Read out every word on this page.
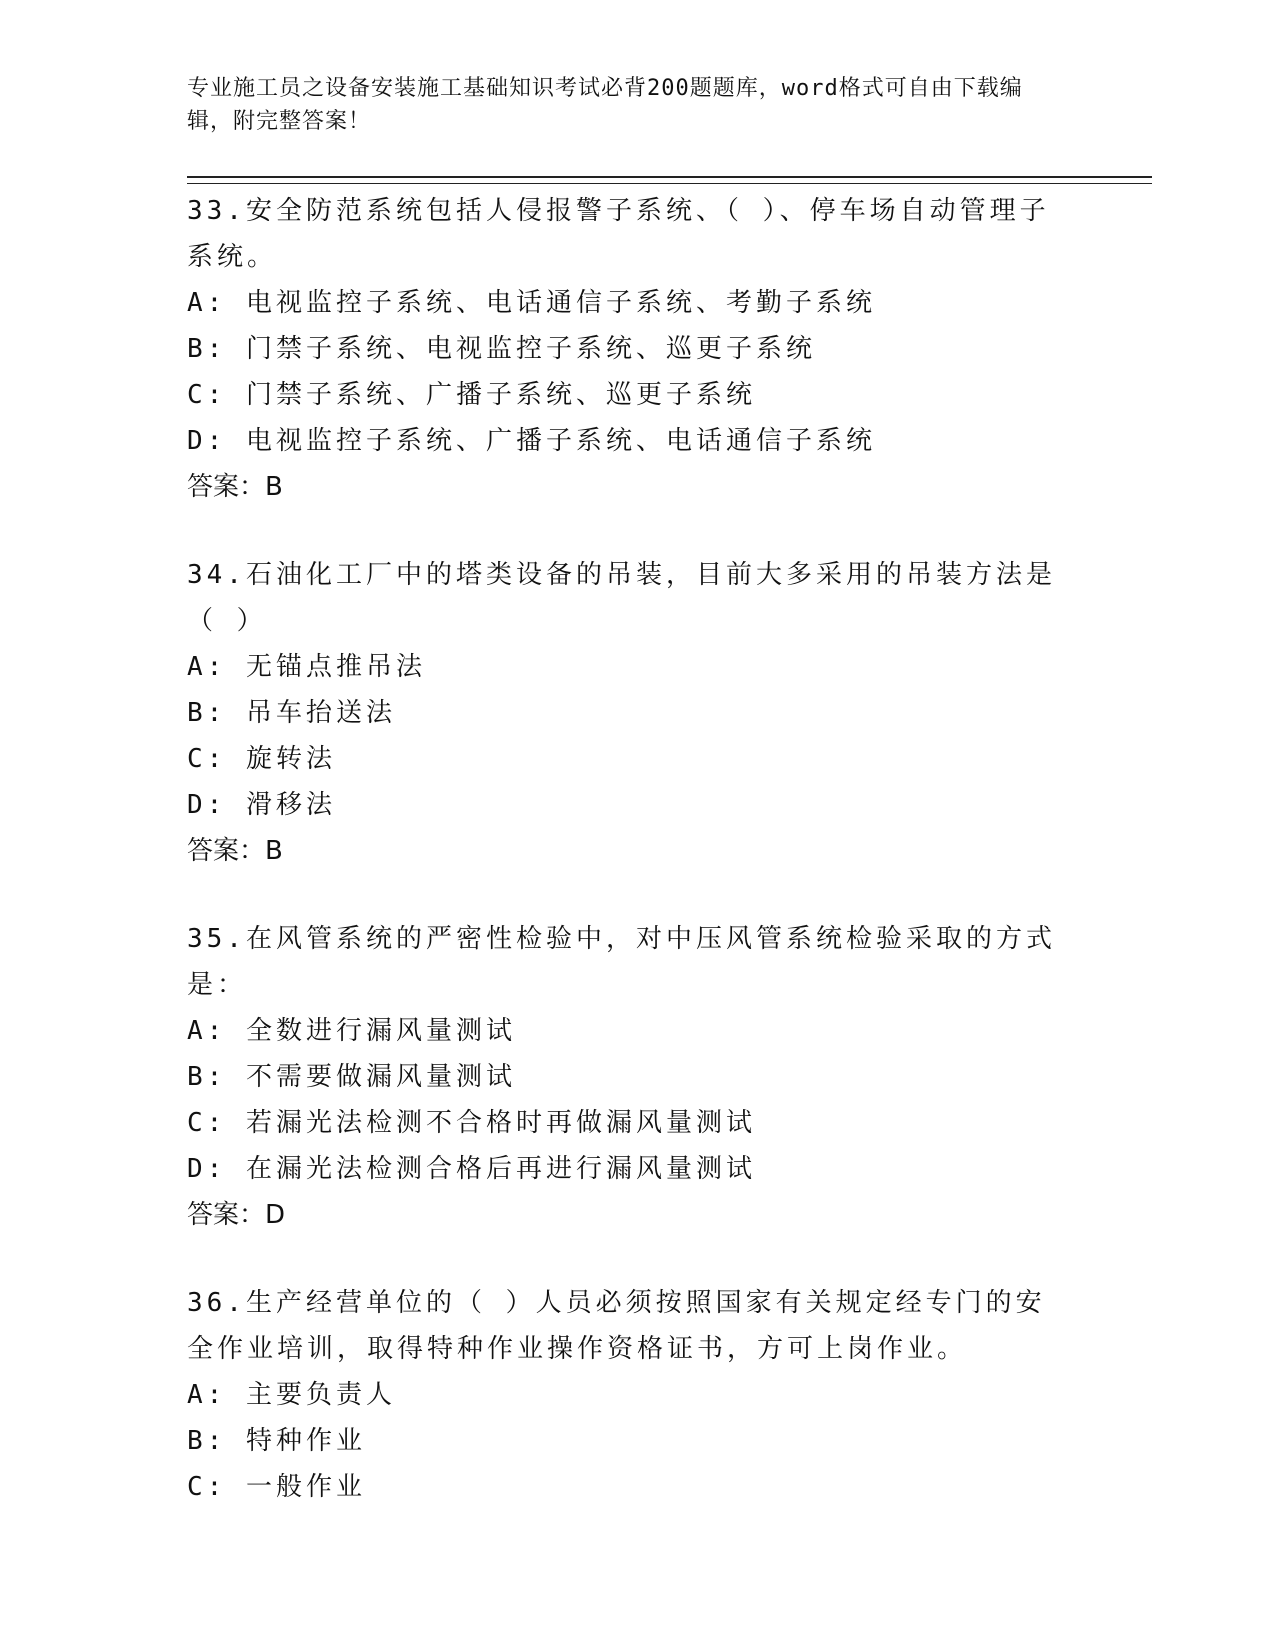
专业施工员之设备安装施工基础知识考试必背200题题库，word格式可自由下载编辑，附完整答案！

33.安全防范系统包括人侵报警子系统、（ ）、停车场自动管理子系统。

A: 电视监控子系统、电话通信子系统、考勤子系统

B: 门禁子系统、电视监控子系统、巡更子系统

C: 门禁子系统、广播子系统、巡更子系统

D: 电视监控子系统、广播子系统、电话通信子系统

答案：B

34.石油化工厂中的塔类设备的吊装，目前大多采用的吊装方法是（ ）

A: 无锚点推吊法

B: 吊车抬送法

C: 旋转法

D: 滑移法

答案：B

35.在风管系统的严密性检验中，对中压风管系统检验采取的方式是：

A: 全数进行漏风量测试

B: 不需要做漏风量测试

C: 若漏光法检测不合格时再做漏风量测试

D: 在漏光法检测合格后再进行漏风量测试

答案：D

36.生产经营单位的（ ）人员必须按照国家有关规定经专门的安全作业培训，取得特种作业操作资格证书，方可上岗作业。

A: 主要负责人

B: 特种作业

C: 一般作业
